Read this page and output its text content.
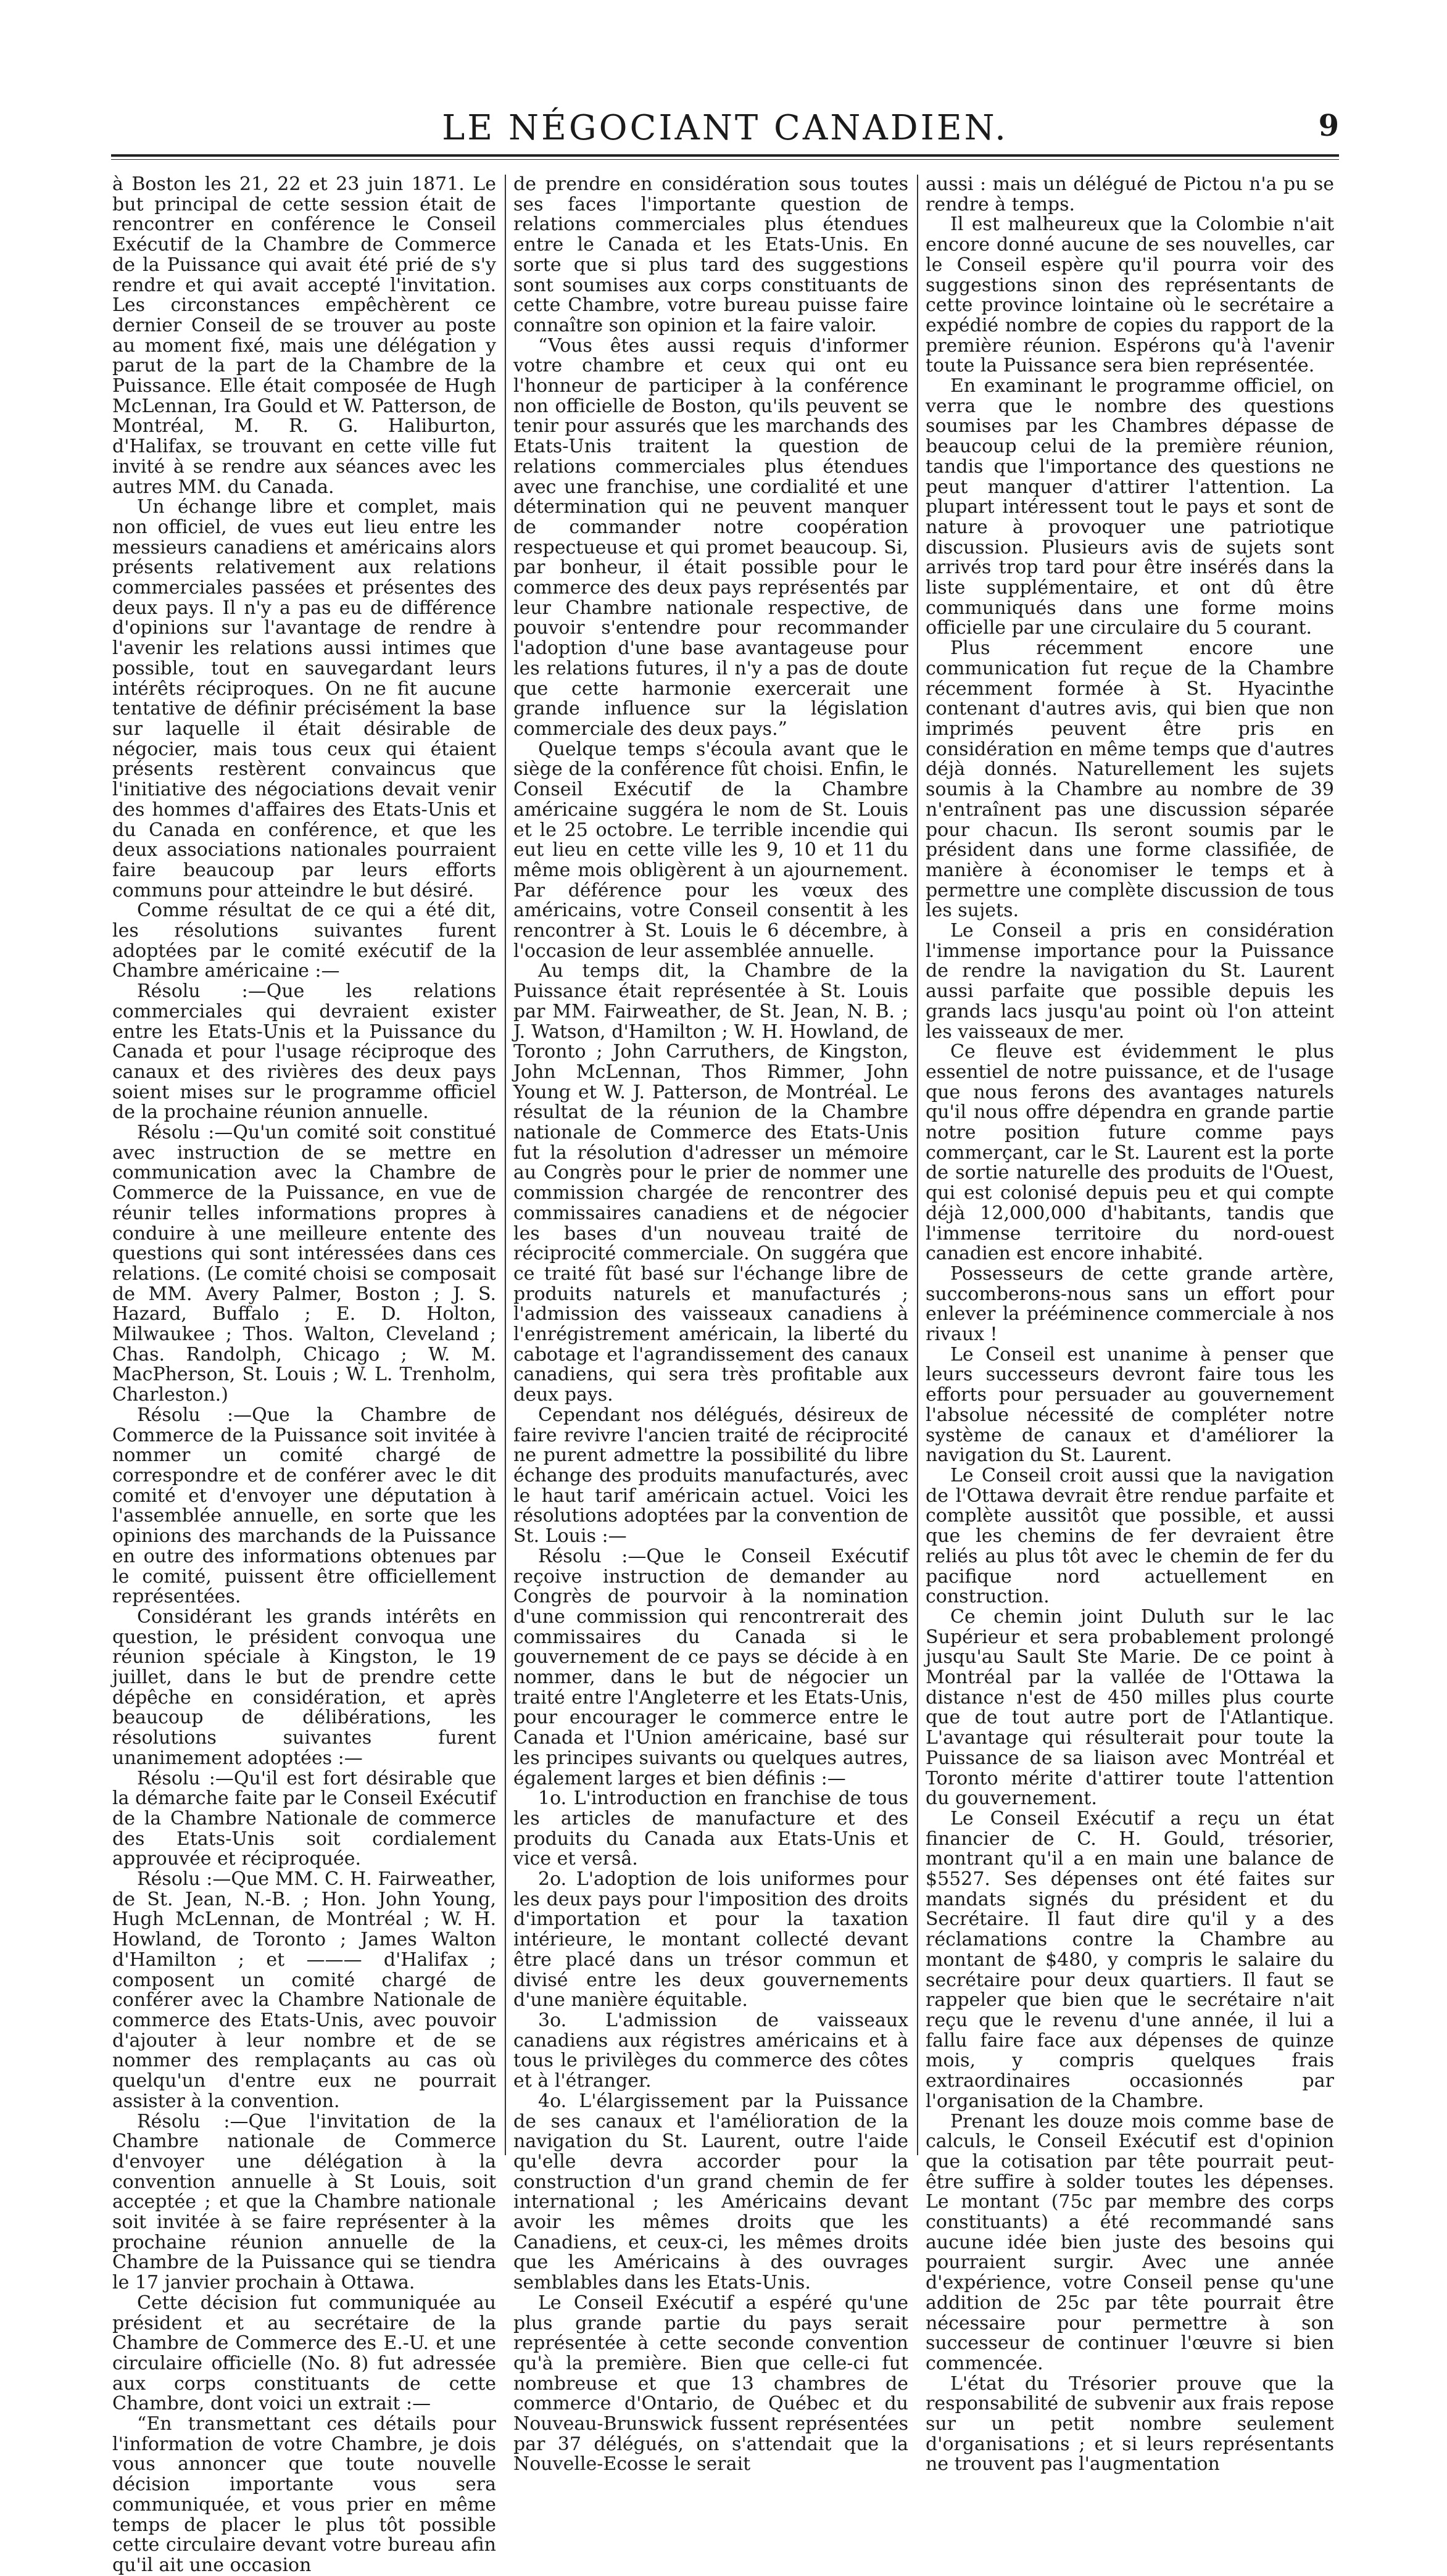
LE NÉGOCIANT CANADIEN.	9

à Boston les 21, 22 et 23 juin 1871. Le but principal de cette session était de rencontrer en conférence le Conseil Exécutif de la Chambre de Commerce de la Puissance qui avait été prié de s'y rendre et qui avait accepté l'invitation. Les circonstances empêchèrent ce dernier Conseil de se trouver au poste au moment fixé, mais une délégation y parut de la part de la Chambre de la Puissance. Elle était composée de Hugh McLennan, Ira Gould et W. Patterson, de Montréal, M. R. G. Haliburton, d'Halifax, se trouvant en cette ville fut invité à se rendre aux séances avec les autres MM. du Canada.

Un échange libre et complet, mais non officiel, de vues eut lieu entre les messieurs canadiens et américains alors présents relativement aux relations commerciales passées et présentes des deux pays. Il n'y a pas eu de différence d'opinions sur l'avantage de rendre à l'avenir les relations aussi intimes que possible, tout en sauvegardant leurs intérêts réciproques. On ne fit aucune tentative de définir précisément la base sur laquelle il était désirable de négocier, mais tous ceux qui étaient présents restèrent convaincus que l'initiative des négociations devait venir des hommes d'affaires des Etats-Unis et du Canada en conférence, et que les deux associations nationales pourraient faire beaucoup par leurs efforts communs pour atteindre le but désiré.

Comme résultat de ce qui a été dit, les résolutions suivantes furent adoptées par le comité exécutif de la Chambre américaine :—

Résolu :—Que les relations commerciales qui devraient exister entre les Etats-Unis et la Puissance du Canada et pour l'usage réciproque des canaux et des rivières des deux pays soient mises sur le programme officiel de la prochaine réunion annuelle.

Résolu :—Qu'un comité soit constitué avec instruction de se mettre en communication avec la Chambre de Commerce de la Puissance, en vue de réunir telles informations propres à conduire à une meilleure entente des questions qui sont intéressées dans ces relations. (Le comité choisi se composait de MM. Avery Palmer, Boston ; J. S. Hazard, Buffalo ; E. D. Holton, Milwaukee ; Thos. Walton, Cleveland ; Chas. Randolph, Chicago ; W. M. MacPherson, St. Louis ; W. L. Trenholm, Charleston.)

Résolu :—Que la Chambre de Commerce de la Puissance soit invitée à nommer un comité chargé de correspondre et de conférer avec le dit comité et d'envoyer une députation à l'assemblée annuelle, en sorte que les opinions des marchands de la Puissance en outre des informations obtenues par le comité, puissent être officiellement représentées.

Considérant les grands intérêts en question, le président convoqua une réunion spéciale à Kingston, le 19 juillet, dans le but de prendre cette dépêche en considération, et après beaucoup de délibérations, les résolutions suivantes furent unanimement adoptées :—

Résolu :—Qu'il est fort désirable que la démarche faite par le Conseil Exécutif de la Chambre Nationale de commerce des Etats-Unis soit cordialement approuvée et réciproquée.

Résolu :—Que MM. C. H. Fairweather, de St. Jean, N.-B. ; Hon. John Young, Hugh McLennan, de Montréal ; W. H. Howland, de Toronto ; James Walton d'Hamilton ; et ——— d'Halifax ; composent un comité chargé de conférer avec la Chambre Nationale de commerce des Etats-Unis, avec pouvoir d'ajouter à leur nombre et de se nommer des remplaçants au cas où quelqu'un d'entre eux ne pourrait assister à la convention.

Résolu :—Que l'invitation de la Chambre nationale de Commerce d'envoyer une délégation à la convention annuelle à St Louis, soit acceptée ; et que la Chambre nationale soit invitée à se faire représenter à la prochaine réunion annuelle de la Chambre de la Puissance qui se tiendra le 17 janvier prochain à Ottawa.

Cette décision fut communiquée au président et au secrétaire de la Chambre de Commerce des E.-U. et une circulaire officielle (No. 8) fut adressée aux corps constituants de cette Chambre, dont voici un extrait :—

“En transmettant ces détails pour l'information de votre Chambre, je dois vous annoncer que toute nouvelle décision importante vous sera communiquée, et vous prier en même temps de placer le plus tôt possible cette circulaire devant votre bureau afin qu'il ait une occasion

de prendre en considération sous toutes ses faces l'importante question de relations commerciales plus étendues entre le Canada et les Etats-Unis. En sorte que si plus tard des suggestions sont soumises aux corps constituants de cette Chambre, votre bureau puisse faire connaître son opinion et la faire valoir.

“Vous êtes aussi requis d'informer votre chambre et ceux qui ont eu l'honneur de participer à la conférence non officielle de Boston, qu'ils peuvent se tenir pour assurés que les marchands des Etats-Unis traitent la question de relations commerciales plus étendues avec une franchise, une cordialité et une détermination qui ne peuvent manquer de commander notre coopération respectueuse et qui promet beaucoup. Si, par bonheur, il était possible pour le commerce des deux pays représentés par leur Chambre nationale respective, de pouvoir s'entendre pour recommander l'adoption d'une base avantageuse pour les relations futures, il n'y a pas de doute que cette harmonie exercerait une grande influence sur la législation commerciale des deux pays.”

Quelque temps s'écoula avant que le siège de la conférence fût choisi. Enfin, le Conseil Exécutif de la Chambre américaine suggéra le nom de St. Louis et le 25 octobre. Le terrible incendie qui eut lieu en cette ville les 9, 10 et 11 du même mois obligèrent à un ajournement. Par déférence pour les vœux des américains, votre Conseil consentit à les rencontrer à St. Louis le 6 décembre, à l'occasion de leur assemblée annuelle.

Au temps dit, la Chambre de la Puissance était représentée à St. Louis par MM. Fairweather, de St. Jean, N. B. ; J. Watson, d'Hamilton ; W. H. Howland, de Toronto ; John Carruthers, de Kingston, John McLennan, Thos Rimmer, John Young et W. J. Patterson, de Montréal. Le résultat de la réunion de la Chambre nationale de Commerce des Etats-Unis fut la résolution d'adresser un mémoire au Congrès pour le prier de nommer une commission chargée de rencontrer des commissaires canadiens et de négocier les bases d'un nouveau traité de réciprocité commerciale. On suggéra que ce traité fût basé sur l'échange libre de produits naturels et manufacturés ; l'admission des vaisseaux canadiens à l'enrégistrement américain, la liberté du cabotage et l'agrandissement des canaux canadiens, qui sera très profitable aux deux pays.

Cependant nos délégués, désireux de faire revivre l'ancien traité de réciprocité ne purent admettre la possibilité du libre échange des produits manufacturés, avec le haut tarif américain actuel. Voici les résolutions adoptées par la convention de St. Louis :—

Résolu :—Que le Conseil Exécutif reçoive instruction de demander au Congrès de pourvoir à la nomination d'une commission qui rencontrerait des commissaires du Canada si le gouvernement de ce pays se décide à en nommer, dans le but de négocier un traité entre l'Angleterre et les Etats-Unis, pour encourager le commerce entre le Canada et l'Union américaine, basé sur les principes suivants ou quelques autres, également larges et bien définis :—

1o. L'introduction en franchise de tous les articles de manufacture et des produits du Canada aux Etats-Unis et vice et versâ.

2o. L'adoption de lois uniformes pour les deux pays pour l'imposition des droits d'importation et pour la taxation intérieure, le montant collecté devant être placé dans un trésor commun et divisé entre les deux gouvernements d'une manière équitable.

3o. L'admission de vaisseaux canadiens aux régistres américains et à tous le privilèges du commerce des côtes et à l'étranger.

4o. L'élargissement par la Puissance de ses canaux et l'amélioration de la navigation du St. Laurent, outre l'aide qu'elle devra accorder pour la construction d'un grand chemin de fer international ; les Américains devant avoir les mêmes droits que les Canadiens, et ceux-ci, les mêmes droits que les Américains à des ouvrages semblables dans les Etats-Unis.

Le Conseil Exécutif a espéré qu'une plus grande partie du pays serait représentée à cette seconde convention qu'à la première. Bien que celle-ci fut nombreuse et que 13 chambres de commerce d'Ontario, de Québec et du Nouveau-Brunswick fussent représentées par 37 délégués, on s'attendait que la Nouvelle-Ecosse le serait

aussi : mais un délégué de Pictou n'a pu se rendre à temps.

Il est malheureux que la Colombie n'ait encore donné aucune de ses nouvelles, car le Conseil espère qu'il pourra voir des suggestions sinon des représentants de cette province lointaine où le secrétaire a expédié nombre de copies du rapport de la première réunion. Espérons qu'à l'avenir toute la Puissance sera bien représentée.

En examinant le programme officiel, on verra que le nombre des questions soumises par les Chambres dépasse de beaucoup celui de la première réunion, tandis que l'importance des questions ne peut manquer d'attirer l'attention. La plupart intéressent tout le pays et sont de nature à provoquer une patriotique discussion. Plusieurs avis de sujets sont arrivés trop tard pour être insérés dans la liste supplémentaire, et ont dû être communiqués dans une forme moins officielle par une circulaire du 5 courant.

Plus récemment encore une communication fut reçue de la Chambre récemment formée à St. Hyacinthe contenant d'autres avis, qui bien que non imprimés peuvent être pris en considération en même temps que d'autres déjà donnés. Naturellement les sujets soumis à la Chambre au nombre de 39 n'entraînent pas une discussion séparée pour chacun. Ils seront soumis par le président dans une forme classifiée, de manière à économiser le temps et à permettre une complète discussion de tous les sujets.

Le Conseil a pris en considération l'immense importance pour la Puissance de rendre la navigation du St. Laurent aussi parfaite que possible depuis les grands lacs jusqu'au point où l'on atteint les vaisseaux de mer.

Ce fleuve est évidemment le plus essentiel de notre puissance, et de l'usage que nous ferons des avantages naturels qu'il nous offre dépendra en grande partie notre position future comme pays commerçant, car le St. Laurent est la porte de sortie naturelle des produits de l'Ouest, qui est colonisé depuis peu et qui compte déjà 12,000,000 d'habitants, tandis que l'immense territoire du nord-ouest canadien est encore inhabité.

Possesseurs de cette grande artère, succomberons-nous sans un effort pour enlever la prééminence commerciale à nos rivaux !

Le Conseil est unanime à penser que leurs successeurs devront faire tous les efforts pour persuader au gouvernement l'absolue nécessité de compléter notre système de canaux et d'améliorer la navigation du St. Laurent.

Le Conseil croit aussi que la navigation de l'Ottawa devrait être rendue parfaite et complète aussitôt que possible, et aussi que les chemins de fer devraient être reliés au plus tôt avec le chemin de fer du pacifique nord actuellement en construction.

Ce chemin joint Duluth sur le lac Supérieur et sera probablement prolongé jusqu'au Sault Ste Marie. De ce point à Montréal par la vallée de l'Ottawa la distance n'est de 450 milles plus courte que de tout autre port de l'Atlantique. L'avantage qui résulterait pour toute la Puissance de sa liaison avec Montréal et Toronto mérite d'attirer toute l'attention du gouvernement.

Le Conseil Exécutif a reçu un état financier de C. H. Gould, trésorier, montrant qu'il a en main une balance de $5527. Ses dépenses ont été faites sur mandats signés du président et du Secrétaire. Il faut dire qu'il y a des réclamations contre la Chambre au montant de $480, y compris le salaire du secrétaire pour deux quartiers. Il faut se rappeler que bien que le secrétaire n'ait reçu que le revenu d'une année, il lui a fallu faire face aux dépenses de quinze mois, y compris quelques frais extraordinaires occasionnés par l'organisation de la Chambre.

Prenant les douze mois comme base de calculs, le Conseil Exécutif est d'opinion que la cotisation par tête pourrait peut-être suffire à solder toutes les dépenses. Le montant (75c par membre des corps constituants) a été recommandé sans aucune idée bien juste des besoins qui pourraient surgir. Avec une année d'expérience, votre Conseil pense qu'une addition de 25c par tête pourrait être nécessaire pour permettre à son successeur de continuer l'œuvre si bien commencée.

L'état du Trésorier prouve que la responsabilité de subvenir aux frais repose sur un petit nombre seulement d'organisations ; et si leurs représentants ne trouvent pas l'augmentation
